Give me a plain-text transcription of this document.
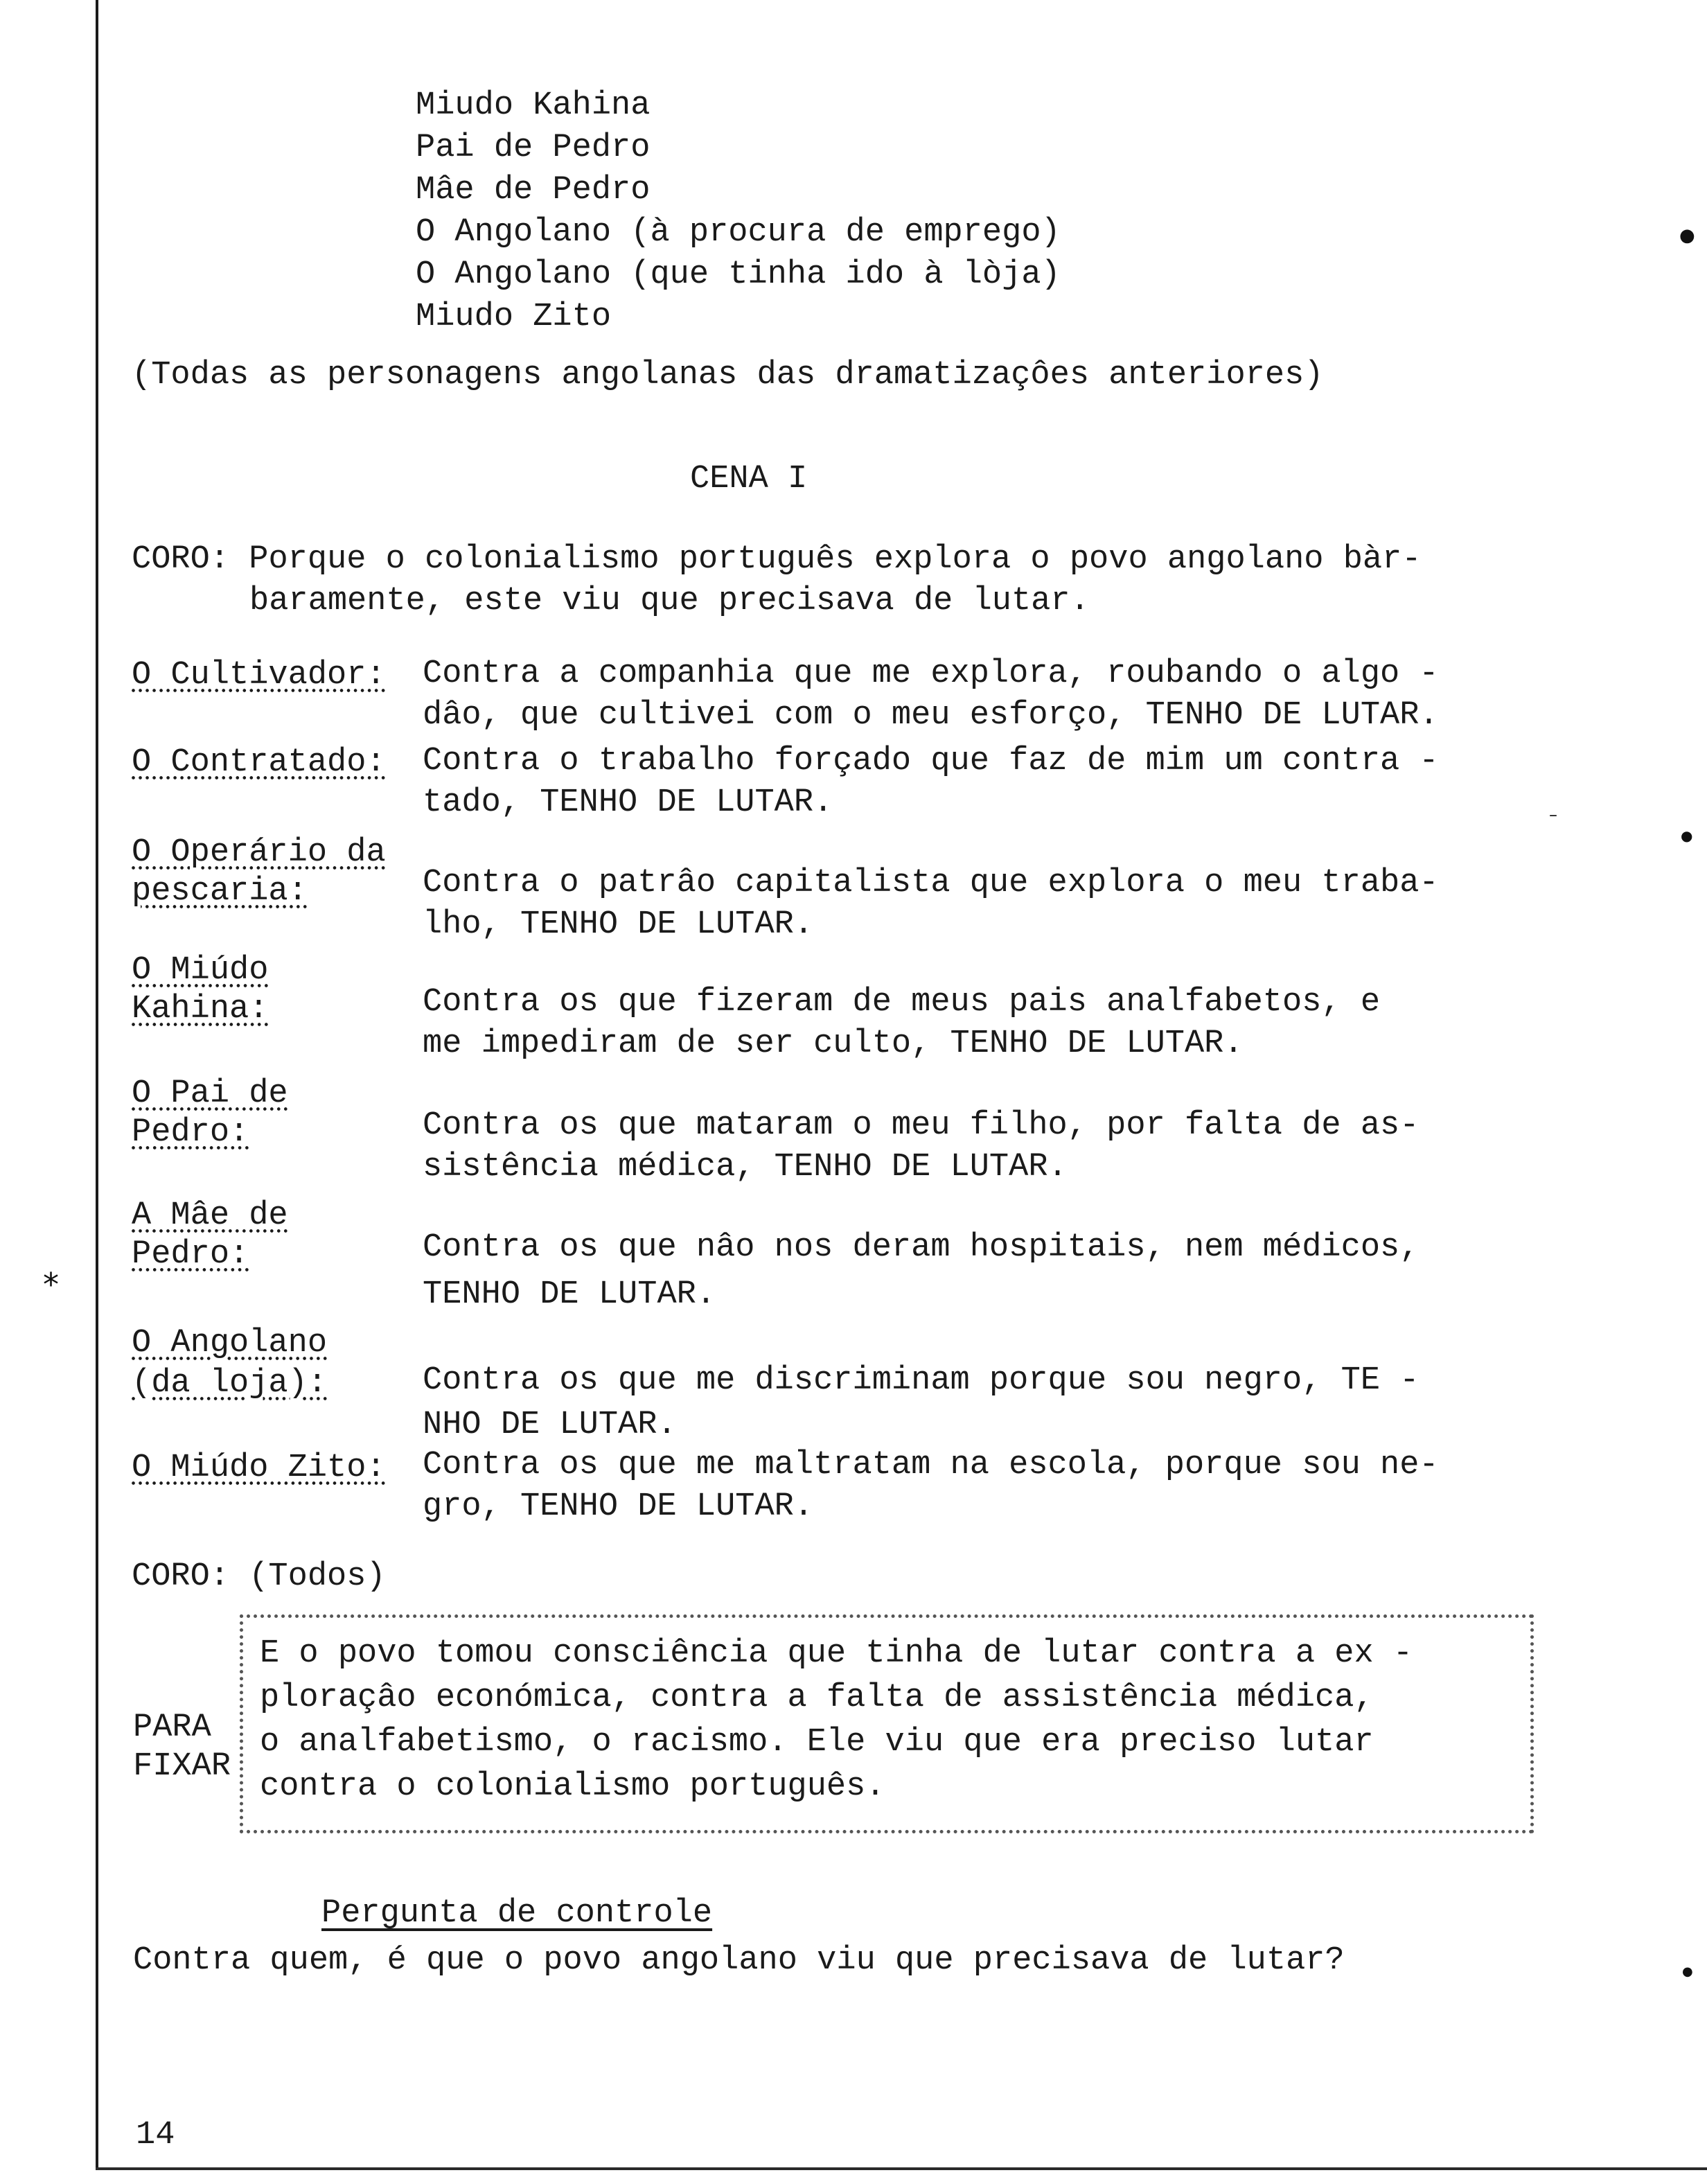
Miudo Kahina
Pai de Pedro
Mâe de Pedro
O Angolano (à procura de emprego)
O Angolano (que tinha ido à lòja)
Miudo Zito
(Todas as personagens angolanas das dramatizaçôes anteriores)
CENA I
CORO: Porque o colonialismo português explora o povo angolano bàr-
baramente, este viu que precisava de lutar.
O Cultivador: Contra a companhia que me explora, roubando o algo -
dâo, que cultivei com o meu esforço, TENHO DE LUTAR.
O Contratado: Contra o trabalho forçado que faz de mim um contra -
tado, TENHO DE LUTAR.
O Operário da
pescaria:	Contra o patrâo capitalista que explora o meu traba-
lho, TENHO DE LUTAR.
O Miúdo
Kahina:	Contra os que fizeram de meus pais analfabetos, e
me impediram de ser culto, TENHO DE LUTAR.
O Pai de
Pedro:	Contra os que mataram o meu filho, por falta de as-
sistência médica, TENHO DE LUTAR.
A Mâe de
Pedro:	Contra os que nâo nos deram hospitais, nem médicos,
TENHO DE LUTAR.
O Angolano
(da loja):	Contra os que me discriminam porque sou negro, TE -
NHO DE LUTAR.
O Miúdo Zito: Contra os que me maltratam na escola, porque sou ne-
gro, TENHO DE LUTAR.
CORO: (Todos)
PARA
FIXAR
E o povo tomou consciência que tinha de lutar contra a ex -
ploraçâo económica, contra a falta de assistência médica,
o analfabetismo, o racismo. Ele viu que era preciso lutar
contra o colonialismo português.
Pergunta de controle
Contra quem, é que o povo angolano viu que precisava de lutar?
14
*
●
●
–
●
